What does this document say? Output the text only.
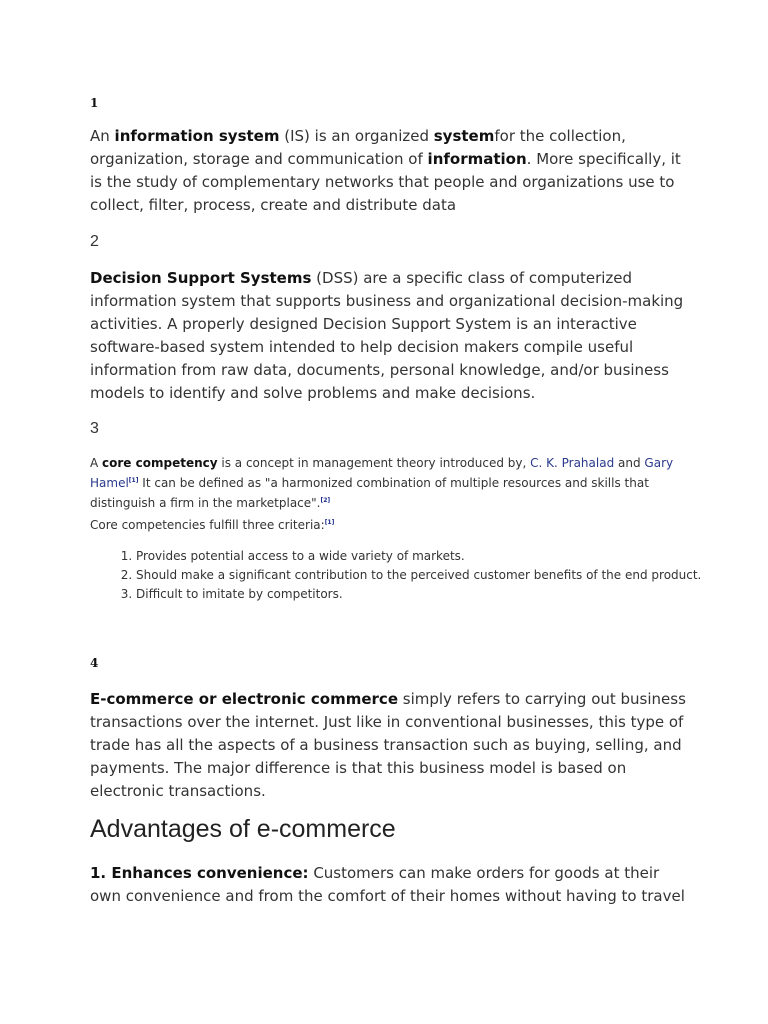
1

An information system (IS) is an organized systemfor the collection, organization, storage and communication of information. More specifically, it is the study of complementary networks that people and organizations use to collect, filter, process, create and distribute data

2

Decision Support Systems (DSS) are a specific class of computerized information system that supports business and organizational decision-making activities. A properly designed Decision Support System is an interactive software-based system intended to help decision makers compile useful information from raw data, documents, personal knowledge, and/or business models to identify and solve problems and make decisions.

3

A core competency is a concept in management theory introduced by, C. K. Prahalad and Gary Hamel[1] It can be defined as "a harmonized combination of multiple resources and skills that distinguish a firm in the marketplace".[2]

Core competencies fulfill three criteria:[1]

1. Provides potential access to a wide variety of markets.
2. Should make a significant contribution to the perceived customer benefits of the end product.
3. Difficult to imitate by competitors.

4

E-commerce or electronic commerce simply refers to carrying out business transactions over the internet. Just like in conventional businesses, this type of trade has all the aspects of a business transaction such as buying, selling, and payments. The major difference is that this business model is based on electronic transactions.

Advantages of e-commerce

1. Enhances convenience: Customers can make orders for goods at their own convenience and from the comfort of their homes without having to travel
